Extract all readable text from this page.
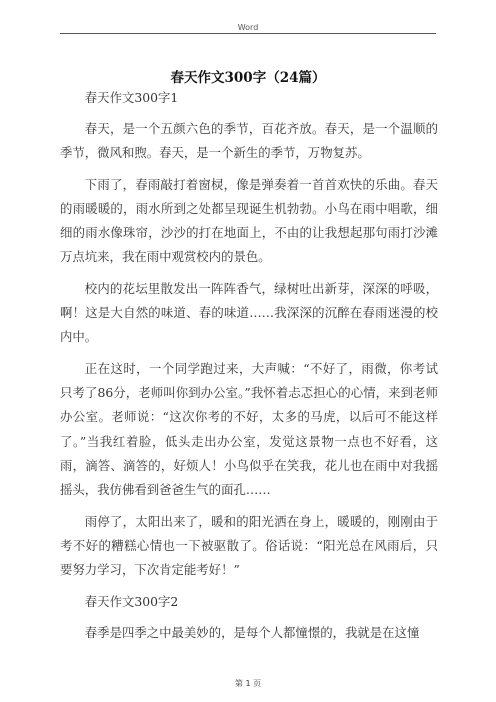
Word
春天作文300字（24篇）

春天作文300字1

春天，是一个五颜六色的季节，百花齐放。春天，是一个温顺的季节，微风和煦。春天，是一个新生的季节，万物复苏。

下雨了，春雨敲打着窗棂，像是弹奏着一首首欢快的乐曲。春天的雨暖暖的，雨水所到之处都呈现诞生机勃勃。小鸟在雨中唱歌，细细的雨水像珠帘，沙沙的打在地面上，不由的让我想起那句雨打沙滩万点坑来，我在雨中观赏校内的景色。

校内的花坛里散发出一阵阵香气，绿树吐出新芽，深深的呼吸，啊！这是大自然的味道、春的味道……我深深的沉醉在春雨迷漫的校内中。

正在这时，一个同学跑过来，大声喊：“不好了，雨微，你考试只考了86分，老师叫你到办公室。”我怀着忐忑担心的心情，来到老师办公室。老师说：“这次你考的不好，太多的马虎，以后可不能这样了。”当我红着脸，低头走出办公室，发觉这景物一点也不好看，这雨，滴答、滴答的，好烦人！小鸟似乎在笑我，花儿也在雨中对我摇摇头，我仿佛看到爸爸生气的面孔……

雨停了，太阳出来了，暖和的阳光洒在身上，暖暖的，刚刚由于考不好的糟糕心情也一下被驱散了。俗话说：“阳光总在风雨后，只要努力学习，下次肯定能考好！”

春天作文300字2

春季是四季之中最美妙的，是每个人都憧憬的，我就是在这憧

第 1 页
